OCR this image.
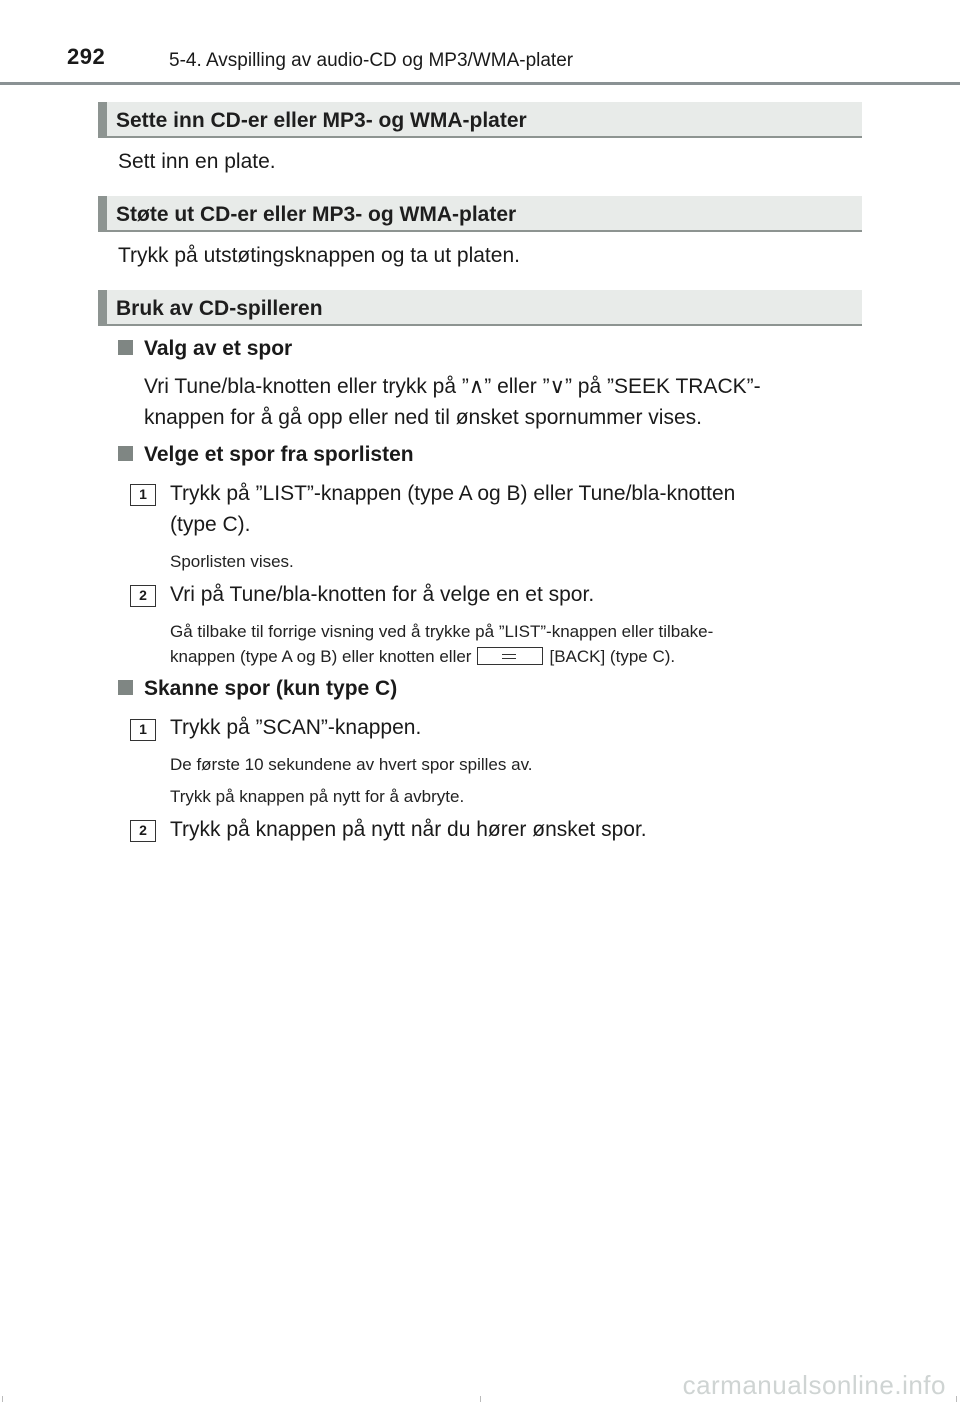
292	5-4. Avspilling av audio-CD og MP3/WMA-plater
Sette inn CD-er eller MP3- og WMA-plater
Sett inn en plate.
Støte ut CD-er eller MP3- og WMA-plater
Trykk på utstøtingsknappen og ta ut platen.
Bruk av CD-spilleren
Valg av et spor
Vri Tune/bla-knotten eller trykk på ”∧” eller ”∨” på ”SEEK TRACK”-
knappen for å gå opp eller ned til ønsket spornummer vises.
Velge et spor fra sporlisten
1	Trykk på ”LIST”-knappen (type A og B) eller Tune/bla-knotten
(type C).
Sporlisten vises.
2	Vri på Tune/bla-knotten for å velge en et spor.
Gå tilbake til forrige visning ved å trykke på ”LIST”-knappen eller tilbake-
knappen (type A og B) eller knotten eller	[BACK] (type C).
Skanne spor (kun type C)
1	Trykk på ”SCAN”-knappen.
De første 10 sekundene av hvert spor spilles av.
Trykk på knappen på nytt for å avbryte.
2	Trykk på knappen på nytt når du hører ønsket spor.
carmanualsonline.info
